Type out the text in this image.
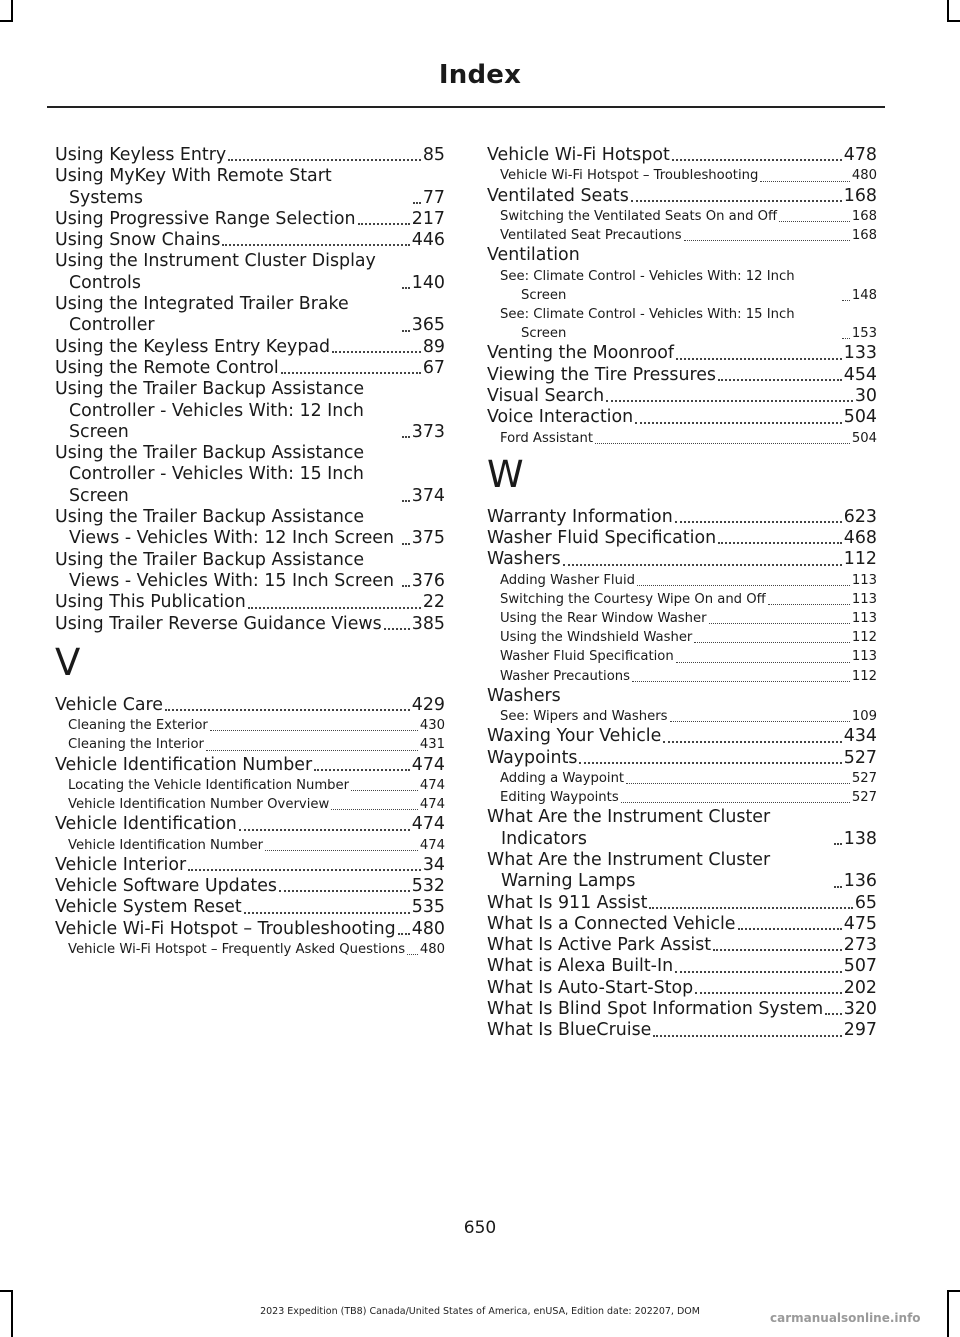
Index
Using Keyless Entry	85
Using MyKey With Remote Start Systems	77
Using Progressive Range Selection	217
Using Snow Chains	446
Using the Instrument Cluster Display Controls	140
Using the Integrated Trailer Brake Controller	365
Using the Keyless Entry Keypad	89
Using the Remote Control	67
Using the Trailer Backup Assistance Controller - Vehicles With: 12 Inch Screen	373
Using the Trailer Backup Assistance Controller - Vehicles With: 15 Inch Screen	374
Using the Trailer Backup Assistance Views - Vehicles With: 12 Inch Screen	375
Using the Trailer Backup Assistance Views - Vehicles With: 15 Inch Screen	376
Using This Publication	22
Using Trailer Reverse Guidance Views 385
V
Vehicle Care	429
Cleaning the Exterior	430
Cleaning the Interior	431
Vehicle Identification Number	474
Locating the Vehicle Identification Number	474
Vehicle Identification Number Overview	474
Vehicle Identification	474
Vehicle Identification Number	474
Vehicle Interior	34
Vehicle Software Updates	532
Vehicle System Reset	535
Vehicle Wi-Fi Hotspot – Troubleshooting 480
Vehicle Wi-Fi Hotspot – Frequently Asked Questions 480
Vehicle Wi-Fi Hotspot	478
Vehicle Wi-Fi Hotspot – Troubleshooting	480
Ventilated Seats	168
Switching the Ventilated Seats On and Off	168
Ventilated Seat Precautions	168
Ventilation
See: Climate Control - Vehicles With: 12 Inch Screen	148
See: Climate Control - Vehicles With: 15 Inch Screen	153
Venting the Moonroof	133
Viewing the Tire Pressures	454
Visual Search	30
Voice Interaction	504
Ford Assistant	504
W
Warranty Information	623
Washer Fluid Specification	468
Washers	112
Adding Washer Fluid	113
Switching the Courtesy Wipe On and Off	113
Using the Rear Window Washer	113
Using the Windshield Washer	112
Washer Fluid Specification	113
Washer Precautions	112
Washers
See: Wipers and Washers	109
Waxing Your Vehicle	434
Waypoints	527
Adding a Waypoint	527
Editing Waypoints	527
What Are the Instrument Cluster Indicators	138
What Are the Instrument Cluster Warning Lamps	136
What Is 911 Assist	65
What Is a Connected Vehicle	475
What Is Active Park Assist	273
What is Alexa Built-In	507
What Is Auto-Start-Stop	202
What Is Blind Spot Information System 320
What Is BlueCruise	297
650
2023 Expedition (TB8) Canada/United States of America, enUSA, Edition date: 202207, DOM	carmanualsonline.info
